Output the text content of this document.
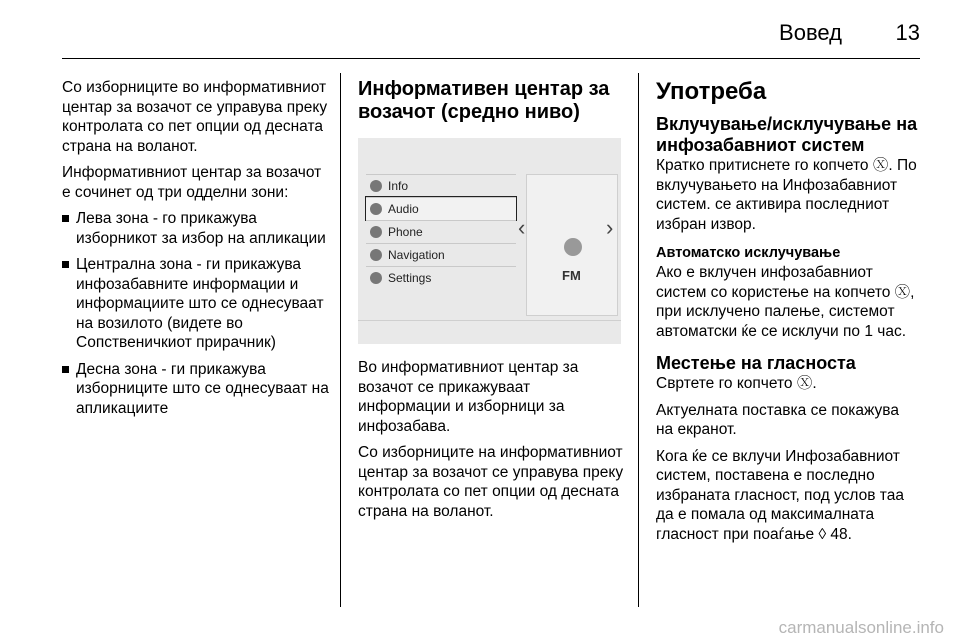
Вовед 13

Со изборниците во информативниот центар за возачот се управува преку контролата со пет опции од десната страна на воланот.

Информативниот центар за возачот е сочинет од три одделни зони:

Лева зона - го прикажува изборникот за избор на апликации
Централна зона - ги прикажува инфозабавните информации и информациите што се однесуваат на возилото (видете во Сопственичкиот прирачник)
Десна зона - ги прикажува изборниците што се однесуваат на апликациите
Информативен центар за возачот (средно ниво)
Info
Audio
Phone
Navigation
Settings
‹	›
FM

Во информативниот центар за возачот се прикажуваат информации и изборници за инфозабава.

Со изборниците на информативниот центар за возачот се управува преку контролата со пет опции од десната страна на воланот.

Употреба
Вклучување/исклучување на инфозабавниот систем

Кратко притиснете го копчето Ⓧ. По вклучувањето на Инфозабавниот систем. се активира последниот избран извор.

Автоматско исклучување

Ако е вклучен инфозабавниот систем со користење на копчето Ⓧ, при исклучено палење, системот автоматски ќе се исклучи по 1 час.

Местење на гласноста

Свртете го копчето Ⓧ.

Актуелната поставка се покажува на екранот.

Кога ќе се вклучи Инфозабавниот систем, поставена е последно избраната гласност, под услов таа да е помала од максималната гласност при поаѓање ◊ 48.

carmanualsonline.info
